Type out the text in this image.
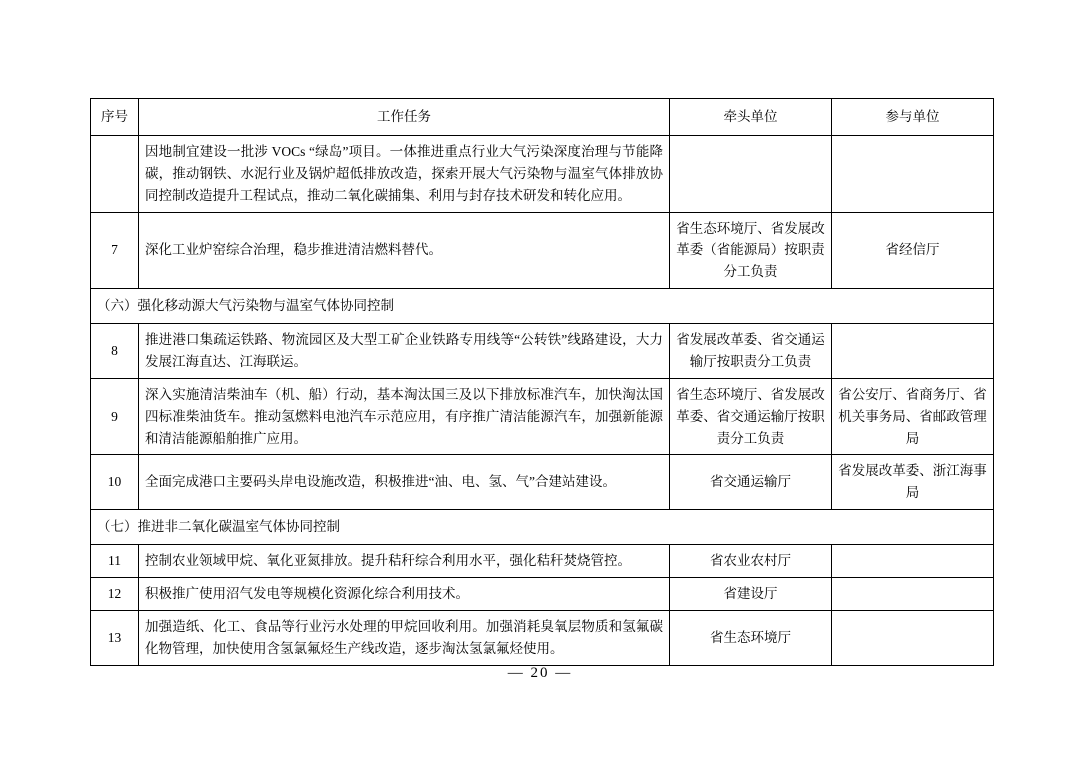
序号	工作任务	牵头单位	参与单位
	因地制宜建设一批涉 VOCs “绿岛”项目。一体推进重点行业大气污染深度治理与节能降碳，推动钢铁、水泥行业及锅炉超低排放改造，探索开展大气污染物与温室气体排放协同控制改造提升工程试点，推动二氧化碳捕集、利用与封存技术研发和转化应用。		
7	深化工业炉窑综合治理，稳步推进清洁燃料替代。	省生态环境厅、省发展改革委（省能源局）按职责分工负责	省经信厅
（六）强化移动源大气污染物与温室气体协同控制			
8	推进港口集疏运铁路、物流园区及大型工矿企业铁路专用线等“公转铁”线路建设，大力发展江海直达、江海联运。	省发展改革委、省交通运输厅按职责分工负责	
9	深入实施清洁柴油车（机、船）行动，基本淘汰国三及以下排放标准汽车，加快淘汰国四标准柴油货车。推动氢燃料电池汽车示范应用，有序推广清洁能源汽车，加强新能源和清洁能源船舶推广应用。	省生态环境厅、省发展改革委、省交通运输厅按职责分工负责	省公安厅、省商务厅、省机关事务局、省邮政管理局
10	全面完成港口主要码头岸电设施改造，积极推进“油、电、氢、气”合建站建设。	省交通运输厅	省发展改革委、浙江海事局
（七）推进非二氧化碳温室气体协同控制			
11	控制农业领域甲烷、氧化亚氮排放。提升秸秆综合利用水平，强化秸秆焚烧管控。	省农业农村厅	
12	积极推广使用沼气发电等规模化资源化综合利用技术。	省建设厅	
13	加强造纸、化工、食品等行业污水处理的甲烷回收利用。加强消耗臭氧层物质和氢氟碳化物管理，加快使用含氢氯氟烃生产线改造，逐步淘汰氢氯氟烃使用。	省生态环境厅	
— 20 —
